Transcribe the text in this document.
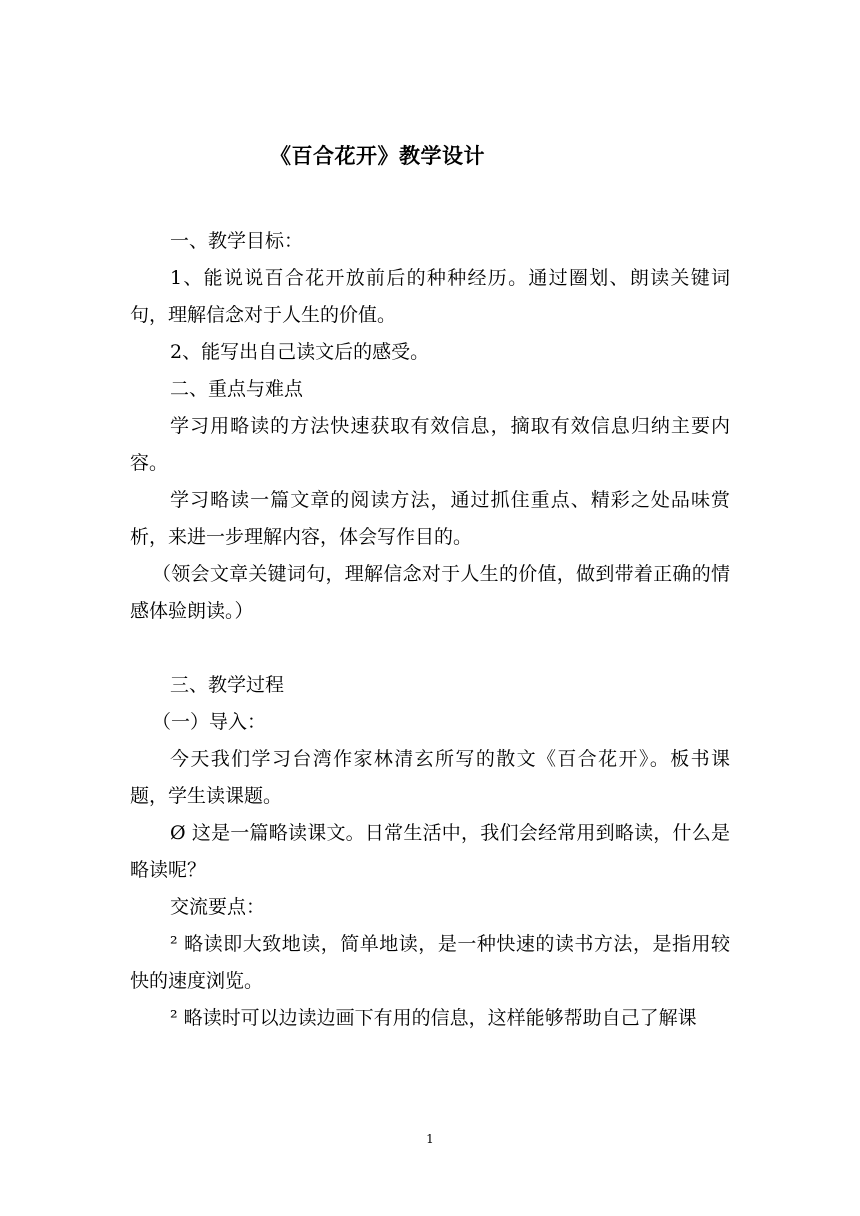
《百合花开》教学设计

一、教学目标：

1、能说说百合花开放前后的种种经历。通过圈划、朗读关键词句，理解信念对于人生的价值。

2、能写出自己读文后的感受。

二、重点与难点

学习用略读的方法快速获取有效信息，摘取有效信息归纳主要内容。

学习略读一篇文章的阅读方法，通过抓住重点、精彩之处品味赏析，来进一步理解内容，体会写作目的。

（领会文章关键词句，理解信念对于人生的价值，做到带着正确的情感体验朗读。）

三、教学过程

（一）导入：

今天我们学习台湾作家林清玄所写的散文《百合花开》。板书课题，学生读课题。

Ø 这是一篇略读课文。日常生活中，我们会经常用到略读，什么是略读呢？

交流要点：

² 略读即大致地读，简单地读，是一种快速的读书方法，是指用较快的速度浏览。

² 略读时可以边读边画下有用的信息，这样能够帮助自己了解课

1
